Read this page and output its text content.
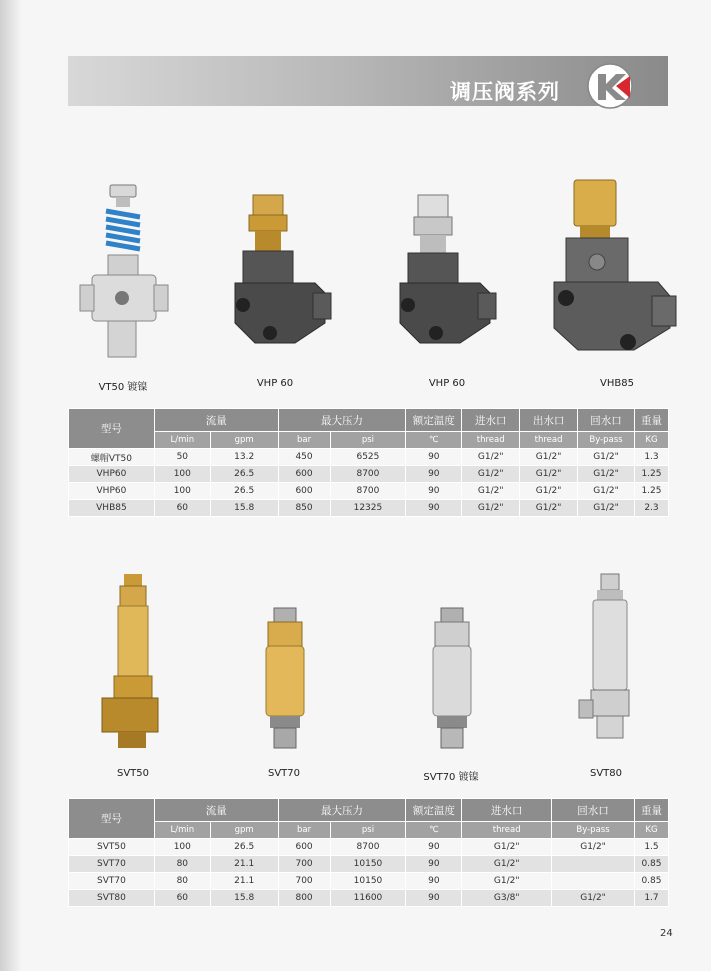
调压阀系列
VT50 镀镍	VHP 60	VHP 60	VHB85
型号	流量		最大压力		额定温度	进水口	出水口	回水口	重量
	L/min	gpm	bar	psi	℃	thread	thread	By-pass	KG
螺帽VT50	50	13.2	450	6525	90	G1/2"	G1/2"	G1/2"	1.3
VHP60	100	26.5	600	8700	90	G1/2"	G1/2"	G1/2"	1.25
VHP60	100	26.5	600	8700	90	G1/2"	G1/2"	G1/2"	1.25
VHB85	60	15.8	850	12325	90	G1/2"	G1/2"	G1/2"	2.3
SVT50	SVT70	SVT70 镀镍	SVT80
型号	流量		最大压力		额定温度	进水口	回水口	重量
	L/min	gpm	bar	psi	℃	thread	By-pass	KG
SVT50	100	26.5	600	8700	90	G1/2"	G1/2"	1.5
SVT70	80	21.1	700	10150	90	G1/2"		0.85
SVT70	80	21.1	700	10150	90	G1/2"		0.85
SVT80	60	15.8	800	11600	90	G3/8"	G1/2"	1.7
24
